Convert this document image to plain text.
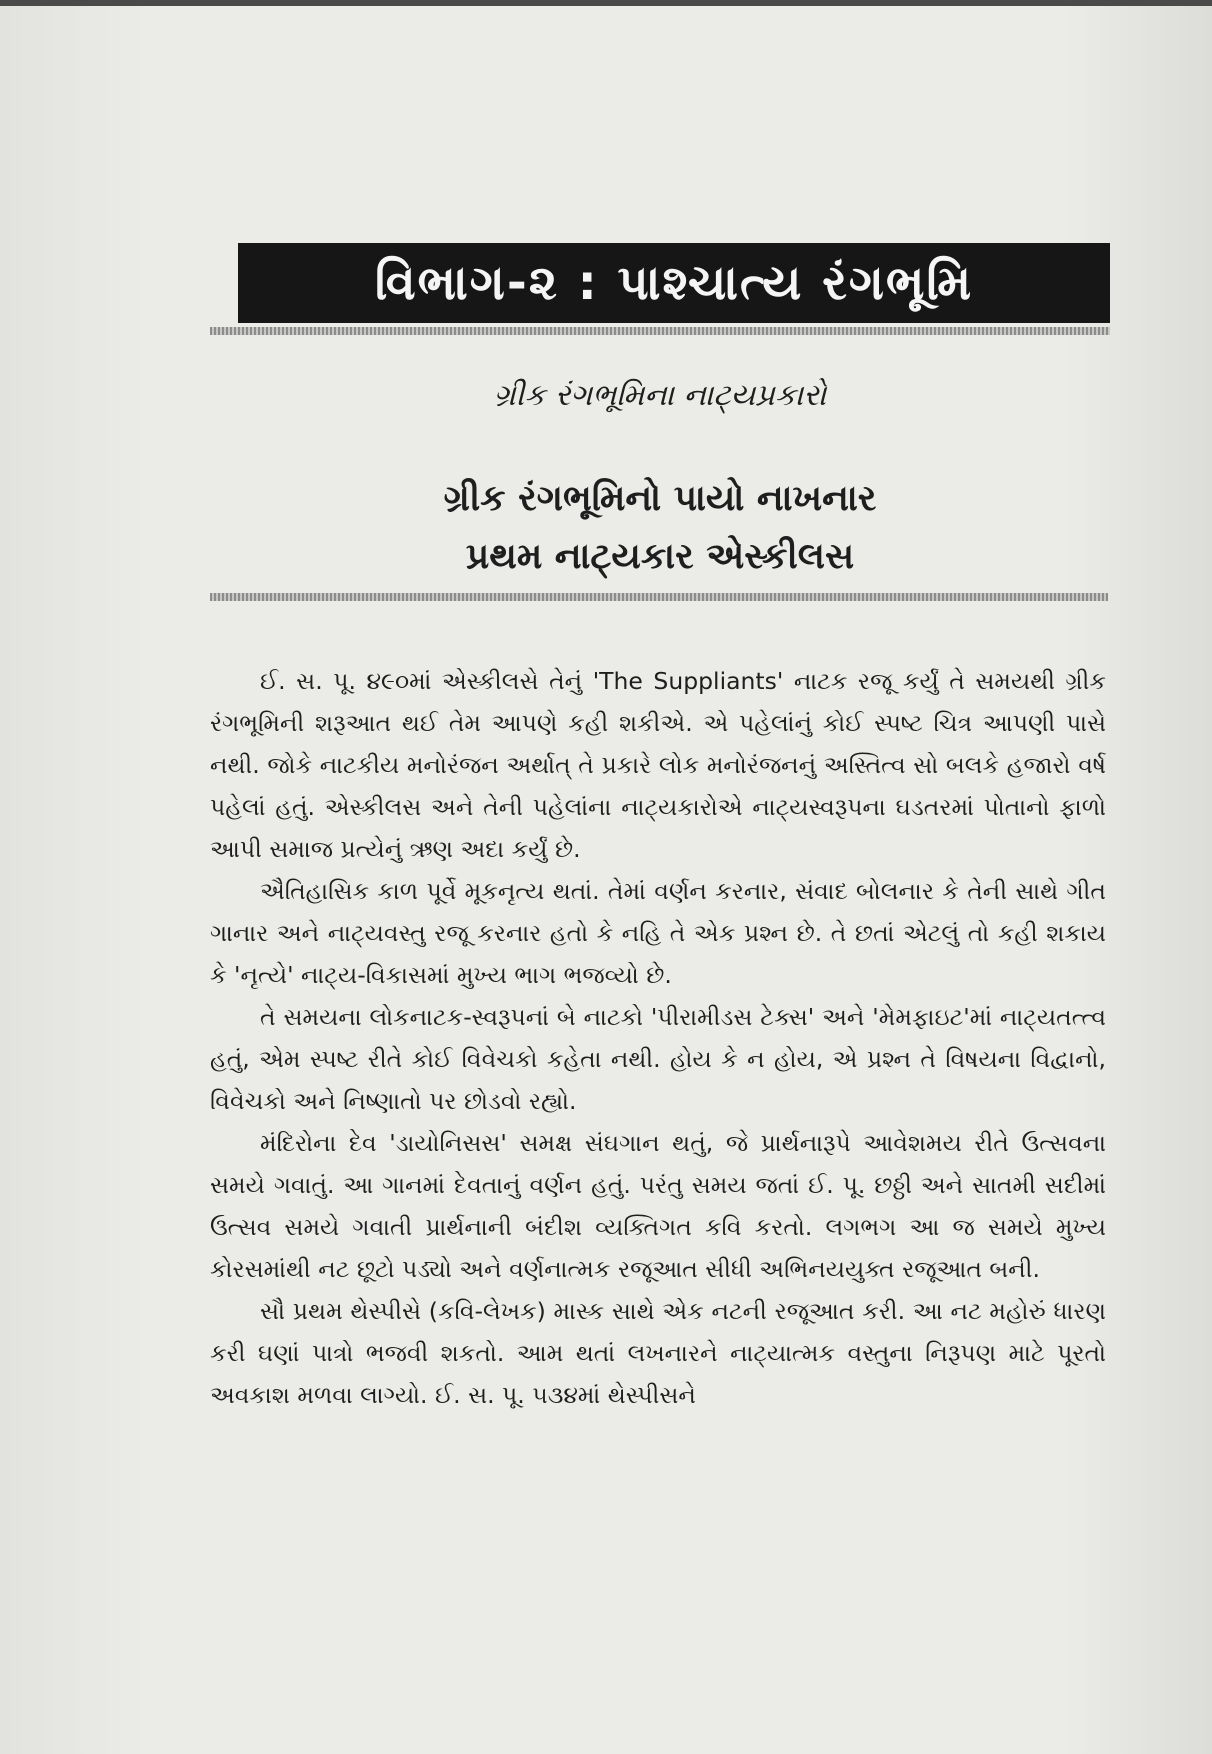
વિભાગ-૨ : પાશ્ચાત્ય રંગભૂમિ
ગ્રીક રંગભૂમિના નાટ્યપ્રકારો
ગ્રીક રંગભૂમિનો પાયો નાખનાર
પ્રથમ નાટ્યકાર એસ્કીલસ

ઈ. સ. પૂ. ૪૯૦માં એસ્કીલસે તેનું 'The Suppliants' નાટક રજૂ કર્યું તે સમયથી ગ્રીક રંગભૂમિની શરૂઆત થઈ તેમ આપણે કહી શકીએ. એ પહેલાંનું કોઈ સ્પષ્ટ ચિત્ર આપણી પાસે નથી. જોકે નાટકીય મનોરંજન અર્થાત્ તે પ્રકારે લોક મનોરંજનનું અસ્તિત્વ સો બલકે હજારો વર્ષ પહેલાં હતું. એસ્કીલસ અને તેની પહેલાંના નાટ્યકારોએ નાટ્યસ્વરૂપના ઘડતરમાં પોતાનો ફાળો આપી સમાજ પ્રત્યેનું ઋણ અદા કર્યું છે.

ઐતિહાસિક કાળ પૂર્વે મૂકનૃત્ય થતાં. તેમાં વર્ણન કરનાર, સંવાદ બોલનાર કે તેની સાથે ગીત ગાનાર અને નાટ્યવસ્તુ રજૂ કરનાર હતો કે નહિ તે એક પ્રશ્ન છે. તે છતાં એટલું તો કહી શકાય કે 'નૃત્યે' નાટ્ય-વિકાસમાં મુખ્ય ભાગ ભજવ્યો છે.

તે સમયના લોકનાટક-સ્વરૂપનાં બે નાટકો 'પીરામીડસ ટેક્સ' અને 'મેમફાઇટ'માં નાટ્યતત્ત્વ હતું, એમ સ્પષ્ટ રીતે કોઈ વિવેચકો કહેતા નથી. હોય કે ન હોય, એ પ્રશ્ન તે વિષયના વિદ્વાનો, વિવેચકો અને નિષ્ણાતો પર છોડવો રહ્યો.

મંદિરોના દેવ 'ડાયોનિસસ' સમક્ષ સંઘગાન થતું, જે પ્રાર્થનારૂપે આવેશમય રીતે ઉત્સવના સમયે ગવાતું. આ ગાનમાં દેવતાનું વર્ણન હતું. પરંતુ સમય જતાં ઈ. પૂ. છઠ્ઠી અને સાતમી સદીમાં ઉત્સવ સમયે ગવાતી પ્રાર્થનાની બંદીશ વ્યક્તિગત કવિ કરતો. લગભગ આ જ સમયે મુખ્ય કોરસમાંથી નટ છૂટો પડ્યો અને વર્ણનાત્મક રજૂઆત સીધી અભિનયયુક્ત રજૂઆત બની.

સૌ પ્રથમ થેસ્પીસે (કવિ-લેખક) માસ્ક સાથે એક નટની રજૂઆત કરી. આ નટ મહોરું ધારણ કરી ઘણાં પાત્રો ભજવી શકતો. આમ થતાં લખનારને નાટ્યાત્મક વસ્તુના નિરૂપણ માટે પૂરતો અવકાશ મળવા લાગ્યો. ઈ. સ. પૂ. ૫૩૪માં થેસ્પીસને
